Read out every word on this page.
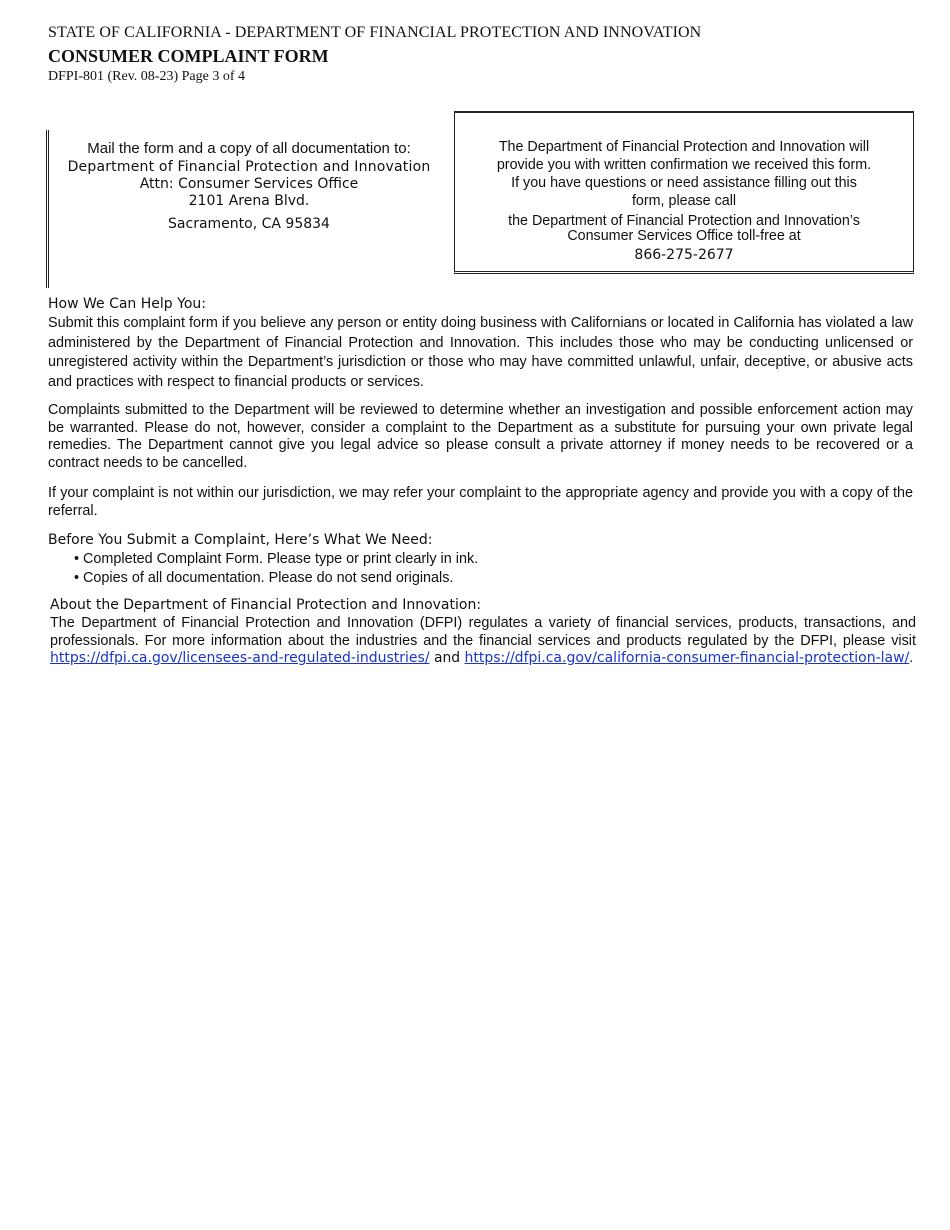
STATE OF CALIFORNIA - DEPARTMENT OF FINANCIAL PROTECTION AND INNOVATION
CONSUMER COMPLAINT FORM
DFPI-801 (Rev. 08-23) Page 3 of 4
Mail the form and a copy of all documentation to:
Department of Financial Protection and Innovation
Attn: Consumer Services Office
2101 Arena Blvd.
Sacramento, CA 95834
The Department of Financial Protection and Innovation will
provide you with written confirmation we received this form.
If you have questions or need assistance filling out this
form, please call
the Department of Financial Protection and Innovation’s
Consumer Services Office toll-free at
866-275-2677
How We Can Help You:
Submit this complaint form if you believe any person or entity doing business with Californians or located in California has violated a law administered by the Department of Financial Protection and Innovation. This includes those who may be conducting unlicensed or unregistered activity within the Department’s jurisdiction or those who may have committed unlawful, unfair, deceptive, or abusive acts and practices with respect to financial products or services.
Complaints submitted to the Department will be reviewed to determine whether an investigation and possible enforcement action may be warranted. Please do not, however, consider a complaint to the Department as a substitute for pursuing your own private legal remedies. The Department cannot give you legal advice so please consult a private attorney if money needs to be recovered or a contract needs to be cancelled.
If your complaint is not within our jurisdiction, we may refer your complaint to the appropriate agency and provide you with a copy of the referral.
Before You Submit a Complaint, Here’s What We Need:
• Completed Complaint Form. Please type or print clearly in ink.
• Copies of all documentation. Please do not send originals.
About the Department of Financial Protection and Innovation:
The Department of Financial Protection and Innovation (DFPI) regulates a variety of financial services, products, transactions, and professionals. For more information about the industries and the financial services and products regulated by the DFPI, please visit https://dfpi.ca.gov/licensees-and-regulated-industries/ and https://dfpi.ca.gov/california-consumer-financial-protection-law/.
